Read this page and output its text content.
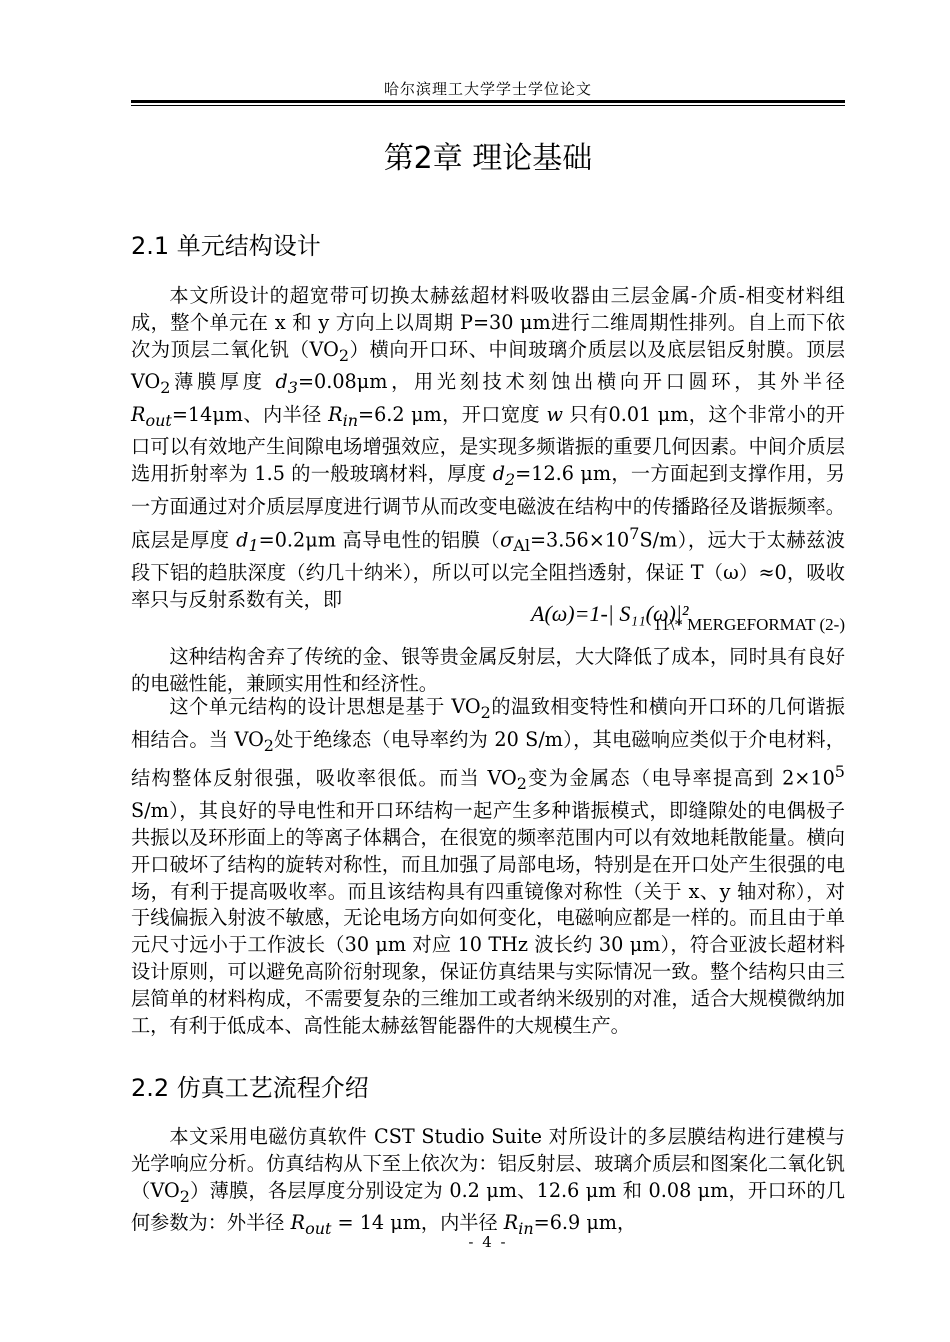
哈尔滨理工大学学士学位论文
第2章 理论基础
2.1 单元结构设计

本文所设计的超宽带可切换太赫兹超材料吸收器由三层金属-介质-相变材料组成，整个单元在 x 和 y 方向上以周期 P=30 μm进行二维周期性排列。自上而下依次为顶层二氧化钒$(VO_2)$横向开口环、中间玻璃介质层以及底层铝反射膜。顶层 $VO_2$薄膜厚度 $d_3=0.08\mu m$，用光刻技术刻蚀出横向开口圆环，其外半径 $R_{out}=14\mu m$、内半径 $R_{in}=6.2$ μm，开口宽度 w 只有0.01 μm，这个非常小的开口可以有效地产生间隙电场增强效应，是实现多频谐振的重要几何因素。中间介质层选用折射率为 1.5 的一般玻璃材料，厚度 $d_2=12.6$ μm，一方面起到支撑作用，另一方面通过对介质层厚度进行调节从而改变电磁波在结构中的传播路径及谐振频率。底层是厚度 $d_1=0.2\mu m$ 高导电性的铝膜$(\sigma_{Al}=3.56\times 10^7S/m)$，远大于太赫兹波段下铝的趋肤深度（约几十纳米），所以可以完全阻挡透射，保证 T（ω）≈0，吸收率只与反射系数有关，即

A(ω)=1-| S₁₁(ω)|²
11\* MERGEFORMAT (2-)

这种结构舍弃了传统的金、银等贵金属反射层，大大降低了成本，同时具有良好的电磁性能，兼顾实用性和经济性。

这个单元结构的设计思想是基于 $VO_2$的温致相变特性和横向开口环的几何谐振相结合。当 $VO_2$处于绝缘态（电导率约为 20 S/m），其电磁响应类似于介电材料，结构整体反射很强，吸收率很低。而当 $VO_2$变为金属态（电导率提高到 $2\times 10^5$ S/m），其良好的导电性和开口环结构一起产生多种谐振模式，即缝隙处的电偶极子共振以及环形面上的等离子体耦合，在很宽的频率范围内可以有效地耗散能量。横向开口破坏了结构的旋转对称性，而且加强了局部电场，特别是在开口处产生很强的电场，有利于提高吸收率。而且该结构具有四重镜像对称性（关于 x、y 轴对称），对于线偏振入射波不敏感，无论电场方向如何变化，电磁响应都是一样的。而且由于单元尺寸远小于工作波长（30 μm 对应 10 THz 波长约 30 μm），符合亚波长超材料设计原则，可以避免高阶衍射现象，保证仿真结果与实际情况一致。整个结构只由三层简单的材料构成，不需要复杂的三维加工或者纳米级别的对准，适合大规模微纳加工，有利于低成本、高性能太赫兹智能器件的大规模生产。

2.2 仿真工艺流程介绍

本文采用电磁仿真软件 CST Studio Suite 对所设计的多层膜结构进行建模与光学响应分析。仿真结构从下至上依次为：铝反射层、玻璃介质层和图案化二氧化钒$(VO_2)$薄膜，各层厚度分别设定为 0.2 μm、12.6 μm 和 0.08 μm，开口环的几何参数为：外半径 $R_{out} = 14$ μm，内半径 $R_{in}=6.9$ μm，

- 4 -
